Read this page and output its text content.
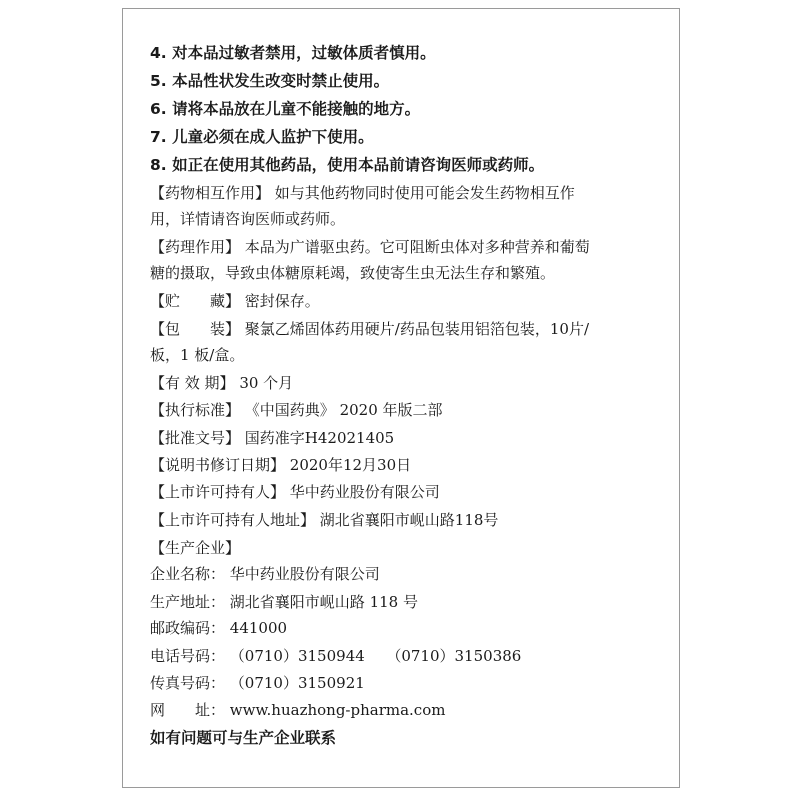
4. 对本品过敏者禁用，过敏体质者慎用。
5. 本品性状发生改变时禁止使用。
6. 请将本品放在儿童不能接触的地方。
7. 儿童必须在成人监护下使用。
8. 如正在使用其他药品，使用本品前请咨询医师或药师。
【药物相互作用】 如与其他药物同时使用可能会发生药物相互作
用，详情请咨询医师或药师。
【药理作用】 本品为广谱驱虫药。它可阻断虫体对多种营养和葡萄
糖的摄取，导致虫体糖原耗竭，致使寄生虫无法生存和繁殖。
【贮　　藏】 密封保存。
【包　　装】 聚氯乙烯固体药用硬片/药品包装用铝箔包装，10片/
板，1 板/盒。
【有 效 期】 30 个月
【执行标准】 《中国药典》 2020 年版二部
【批准文号】 国药准字H42021405
【说明书修订日期】 2020年12月30日
【上市许可持有人】 华中药业股份有限公司
【上市许可持有人地址】 湖北省襄阳市岘山路118号
【生产企业】
企业名称： 华中药业股份有限公司
生产地址： 湖北省襄阳市岘山路 118 号
邮政编码： 441000
电话号码： （0710）3150944 （0710）3150386
传真号码： （0710）3150921
网　　址： www.huazhong-pharma.com
如有问题可与生产企业联系
